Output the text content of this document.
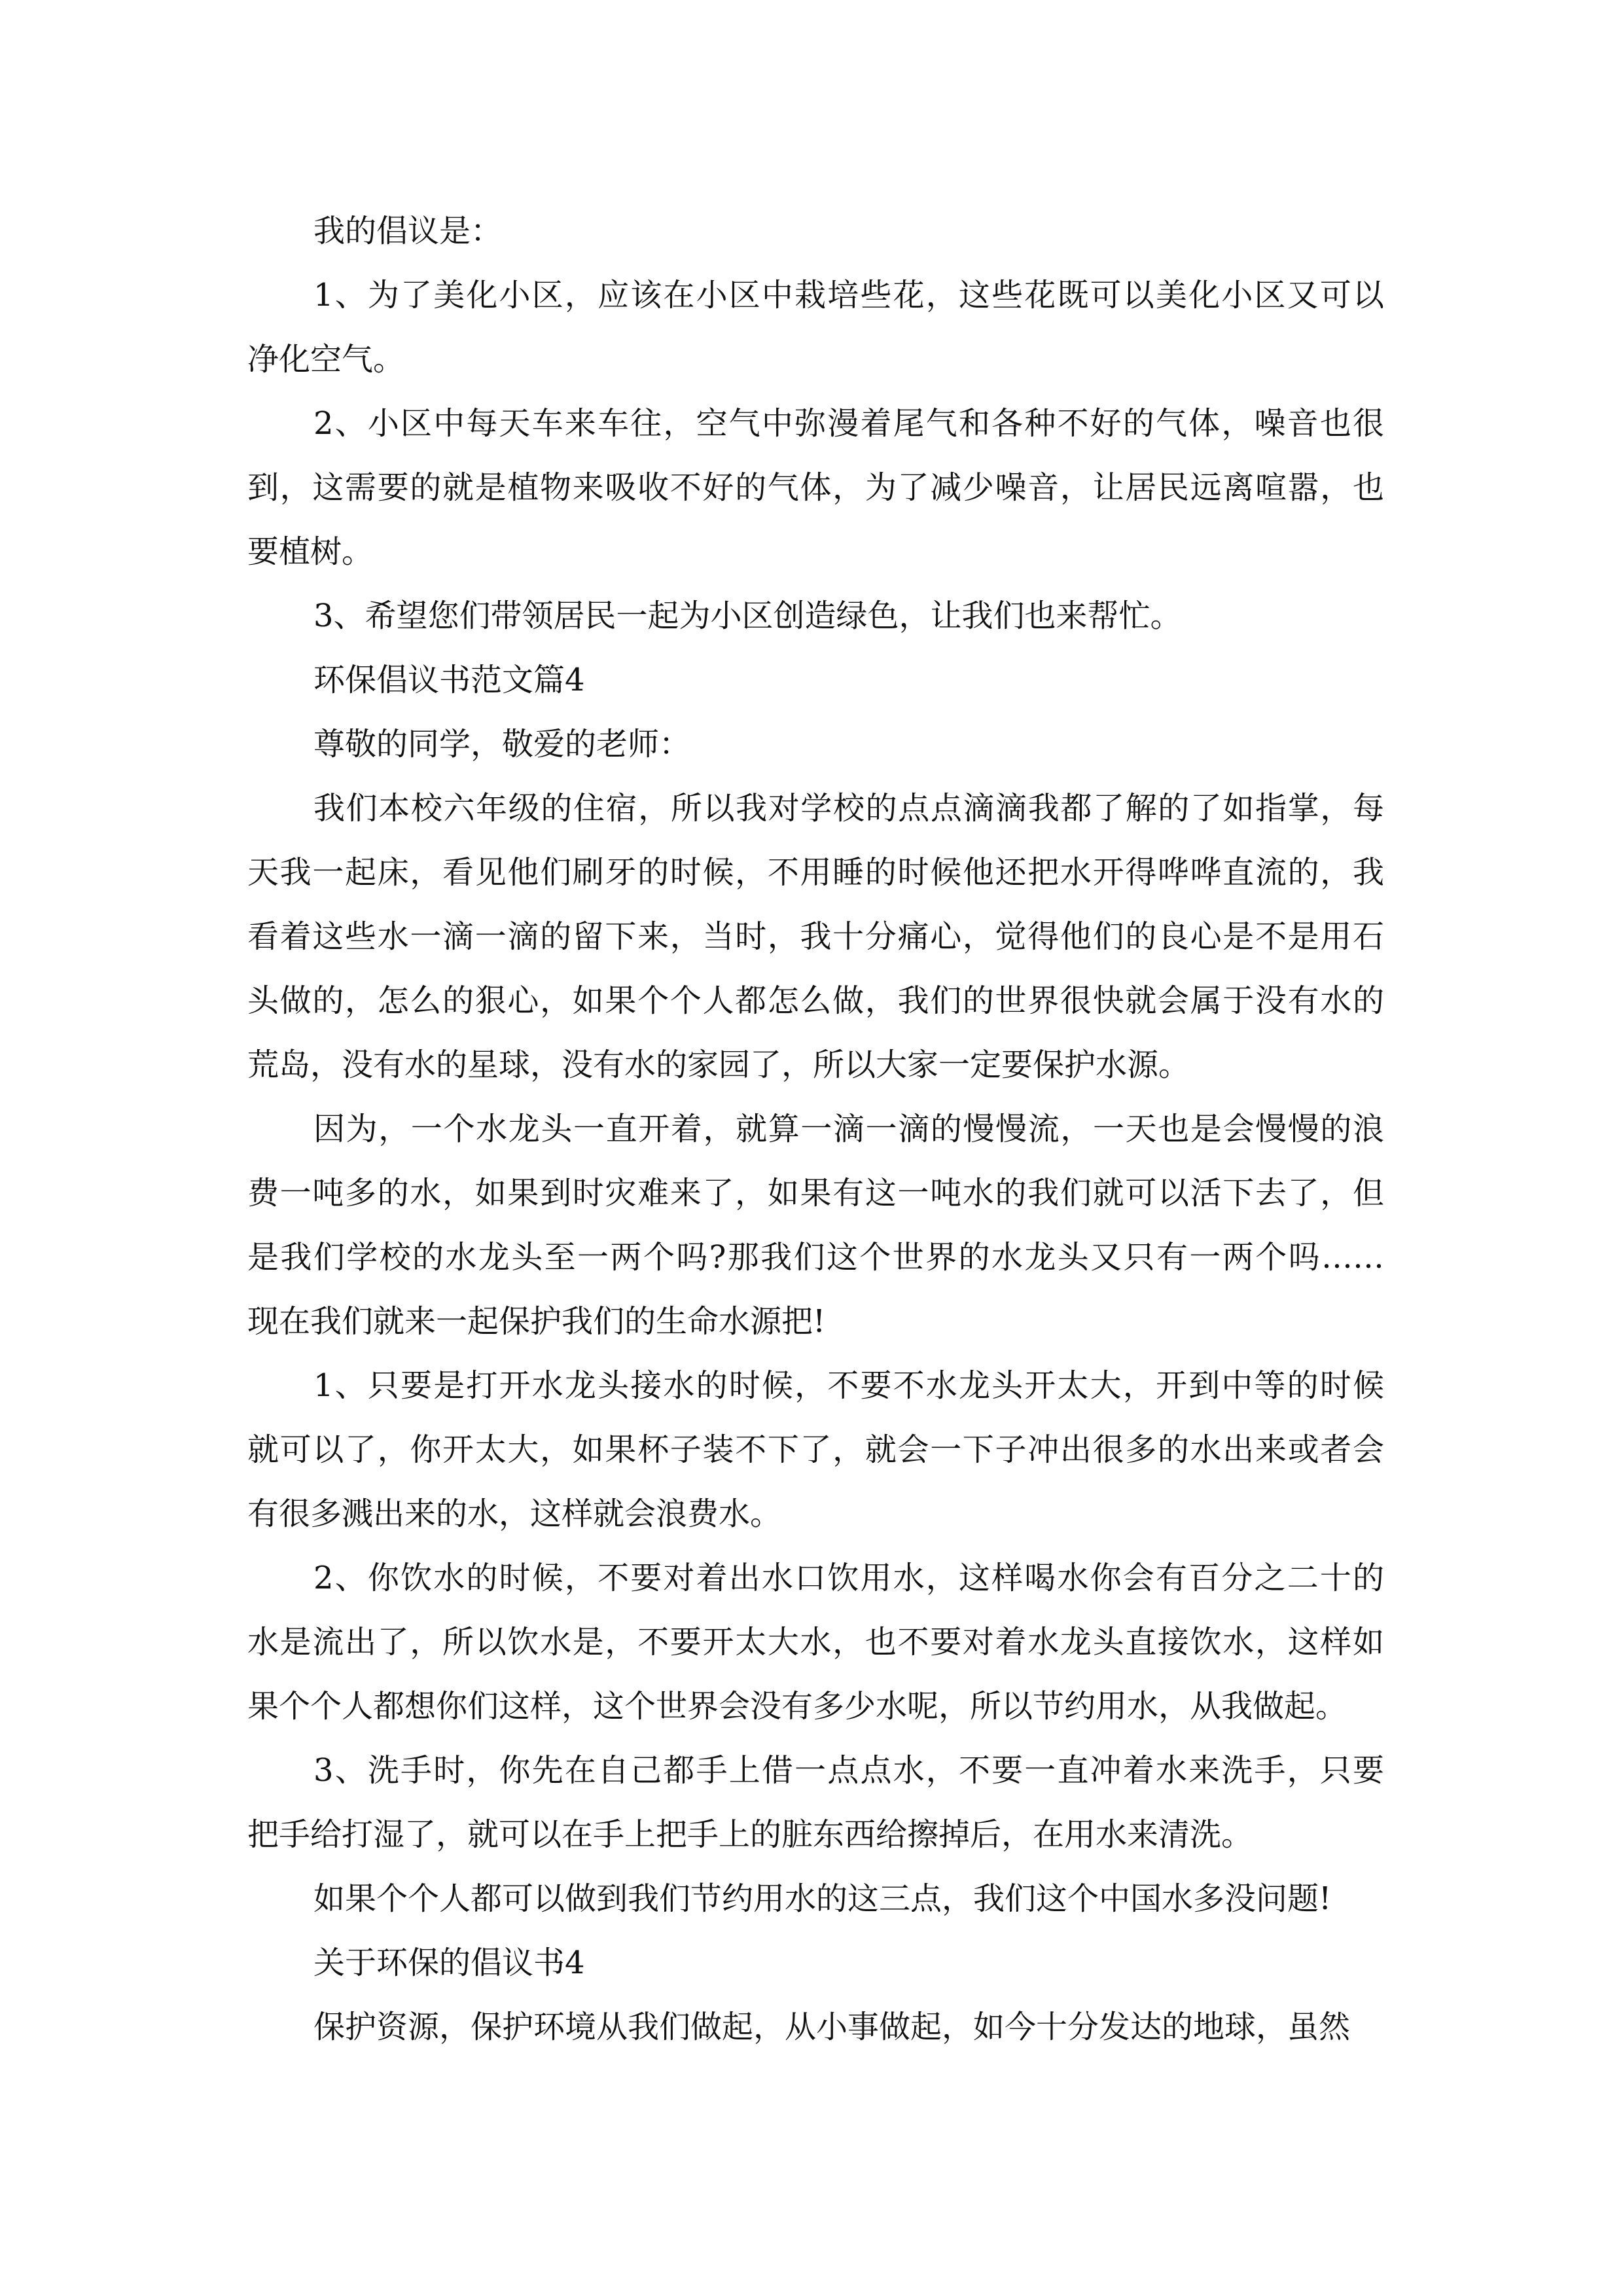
我的倡议是：
1、为了美化小区，应该在小区中栽培些花，这些花既可以美化小区又可以
净化空气。
2、小区中每天车来车往，空气中弥漫着尾气和各种不好的气体，噪音也很
到，这需要的就是植物来吸收不好的气体，为了减少噪音，让居民远离喧嚣，也
要植树。
3、希望您们带领居民一起为小区创造绿色，让我们也来帮忙。
环保倡议书范文篇4
尊敬的同学，敬爱的老师：
我们本校六年级的住宿，所以我对学校的点点滴滴我都了解的了如指掌，每
天我一起床，看见他们刷牙的时候，不用睡的时候他还把水开得哗哗直流的，我
看着这些水一滴一滴的留下来，当时，我十分痛心，觉得他们的良心是不是用石
头做的，怎么的狠心，如果个个人都怎么做，我们的世界很快就会属于没有水的
荒岛，没有水的星球，没有水的家园了，所以大家一定要保护水源。
因为，一个水龙头一直开着，就算一滴一滴的慢慢流，一天也是会慢慢的浪
费一吨多的水，如果到时灾难来了，如果有这一吨水的我们就可以活下去了，但
是我们学校的水龙头至一两个吗?那我们这个世界的水龙头又只有一两个吗……
现在我们就来一起保护我们的生命水源把!
1、只要是打开水龙头接水的时候，不要不水龙头开太大，开到中等的时候
就可以了，你开太大，如果杯子装不下了，就会一下子冲出很多的水出来或者会
有很多溅出来的水，这样就会浪费水。
2、你饮水的时候，不要对着出水口饮用水，这样喝水你会有百分之二十的
水是流出了，所以饮水是，不要开太大水，也不要对着水龙头直接饮水，这样如
果个个人都想你们这样，这个世界会没有多少水呢，所以节约用水，从我做起。
3、洗手时，你先在自己都手上借一点点水，不要一直冲着水来洗手，只要
把手给打湿了，就可以在手上把手上的脏东西给擦掉后，在用水来清洗。
如果个个人都可以做到我们节约用水的这三点，我们这个中国水多没问题!
关于环保的倡议书4
保护资源，保护环境从我们做起，从小事做起，如今十分发达的地球，虽然
